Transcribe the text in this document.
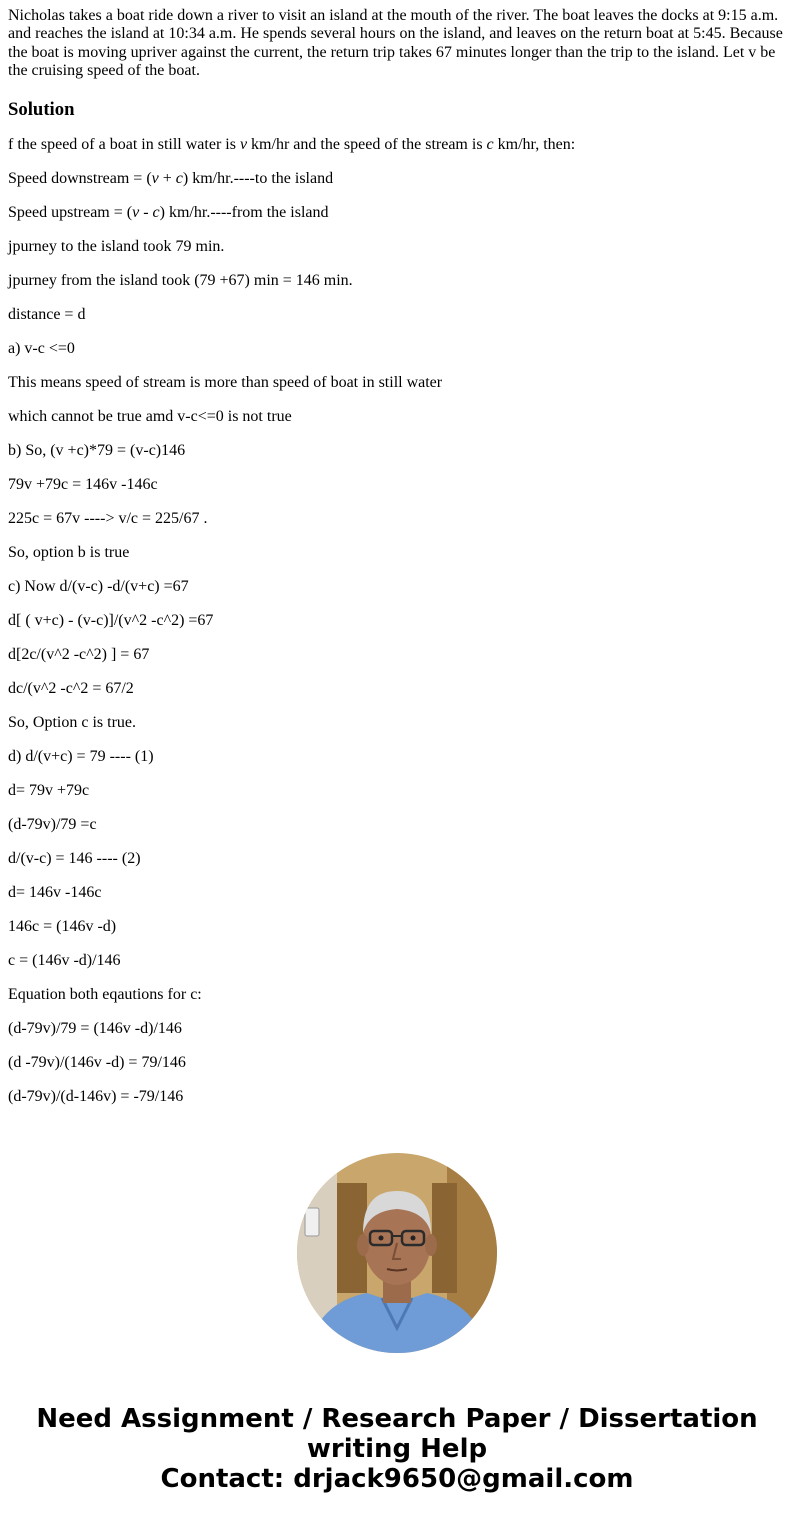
Nicholas takes a boat ride down a river to visit an island at the mouth of the river. The boat leaves the docks at 9:15 a.m. and reaches the island at 10:34 a.m. He spends several hours on the island, and leaves on the return boat at 5:45. Because the boat is moving upriver against the current, the return trip takes 67 minutes longer than the trip to the island. Let v be the cruising speed of the boat.

Solution

f the speed of a boat in still water is v km/hr and the speed of the stream is c km/hr, then:

Speed downstream = (v + c) km/hr.----to the island

Speed upstream = (v - c) km/hr.----from the island

jpurney to the island took 79 min.

jpurney from the island took (79 +67) min = 146 min.

distance = d

a) v-c <=0

This means speed of stream is more than speed of boat in still water

which cannot be true amd v-c<=0 is not true

b) So, (v +c)*79 = (v-c)146

79v +79c = 146v -146c

225c = 67v ----> v/c = 225/67 .

So, option b is true

c) Now d/(v-c) -d/(v+c) =67

d[ ( v+c) - (v-c)]/(v^2 -c^2) =67

d[2c/(v^2 -c^2) ] = 67

dc/(v^2 -c^2 = 67/2

So, Option c is true.

d) d/(v+c) = 79 ---- (1)

d= 79v +79c

(d-79v)/79 =c

d/(v-c) = 146 ---- (2)

d= 146v -146c

146c = (146v -d)

c = (146v -d)/146

Equation both eqautions for c:

(d-79v)/79 = (146v -d)/146

(d -79v)/(146v -d) = 79/146

(d-79v)/(d-146v) = -79/146

Need Assignment / Research Paper / Dissertation
writing Help
Contact: drjack9650@gmail.com
